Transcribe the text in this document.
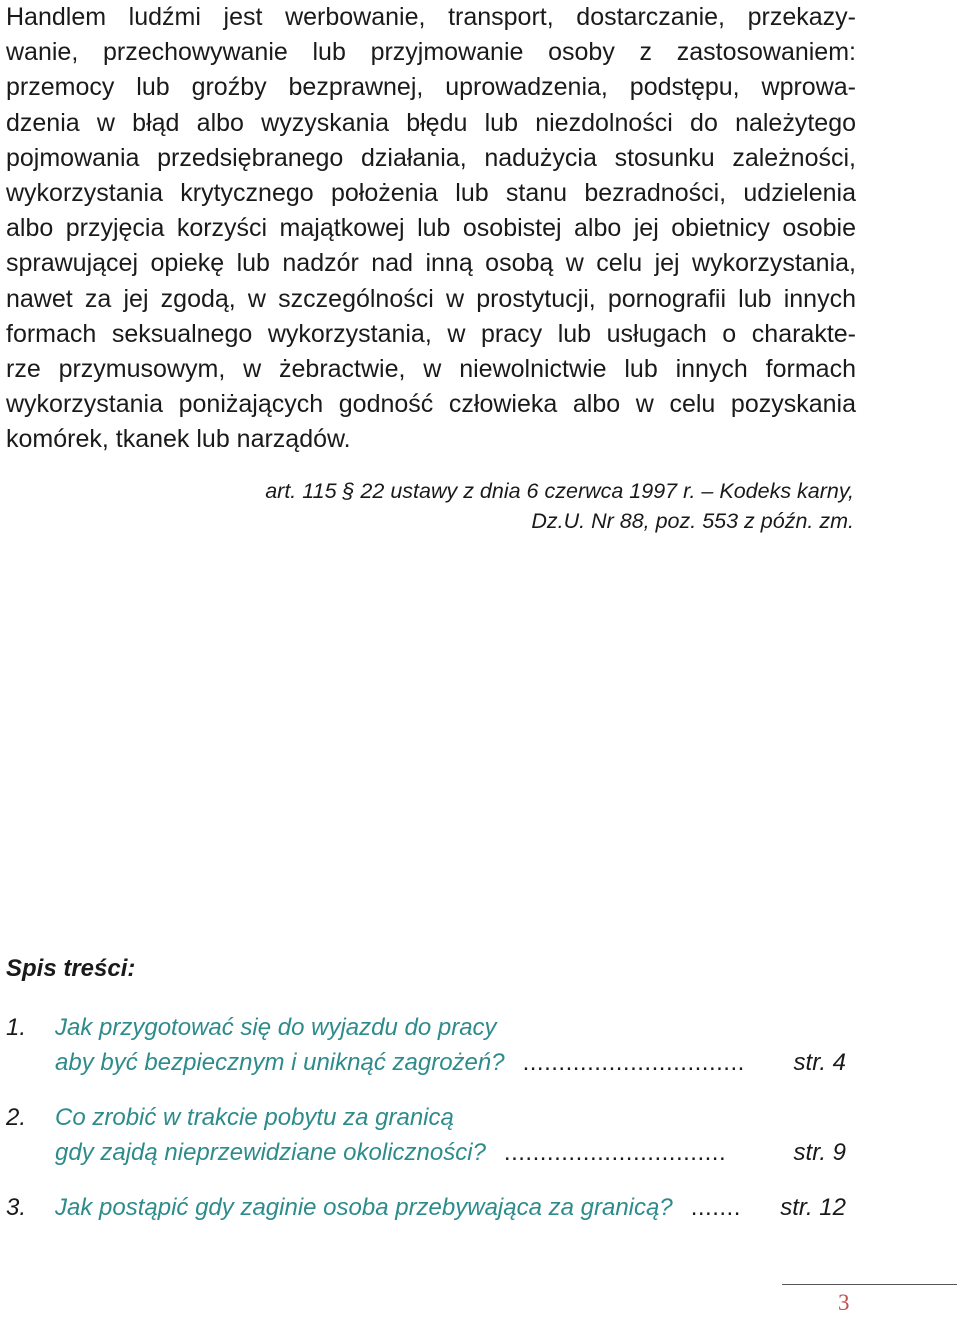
Handlem ludźmi jest werbowanie, transport, dostarczanie, przekazy-
wanie, przechowywanie lub przyjmowanie osoby z zastosowaniem:
przemocy lub groźby bezprawnej, uprowadzenia, podstępu, wprowa-
dzenia w błąd albo wyzyskania błędu lub niezdolności do należytego
pojmowania przedsiębranego działania, nadużycia stosunku zależności,
wykorzystania krytycznego położenia lub stanu bezradności, udzielenia
albo przyjęcia korzyści majątkowej lub osobistej albo jej obietnicy osobie
sprawującej opiekę lub nadzór nad inną osobą w celu jej wykorzystania,
nawet za jej zgodą, w szczególności w prostytucji, pornografii lub innych
formach seksualnego wykorzystania, w pracy lub usługach o charakte-
rze przymusowym, w żebractwie, w niewolnictwie lub innych formach
wykorzystania poniżających godność człowieka albo w celu pozyskania
komórek, tkanek lub narządów.
art. 115 § 22 ustawy z dnia 6 czerwca 1997 r. – Kodeks karny,
Dz.U. Nr 88, poz. 553 z późn. zm.
Spis treści:
1. Jak przygotować się do wyjazdu do pracy
aby być bezpiecznym i uniknąć zagrożeń? ...............................	str. 4
2. Co zrobić w trakcie pobytu za granicą
gdy zajdą nieprzewidziane okoliczności? ...............................	str. 9
3. Jak postąpić gdy zaginie osoba przebywająca za granicą? .......	str. 12
3
